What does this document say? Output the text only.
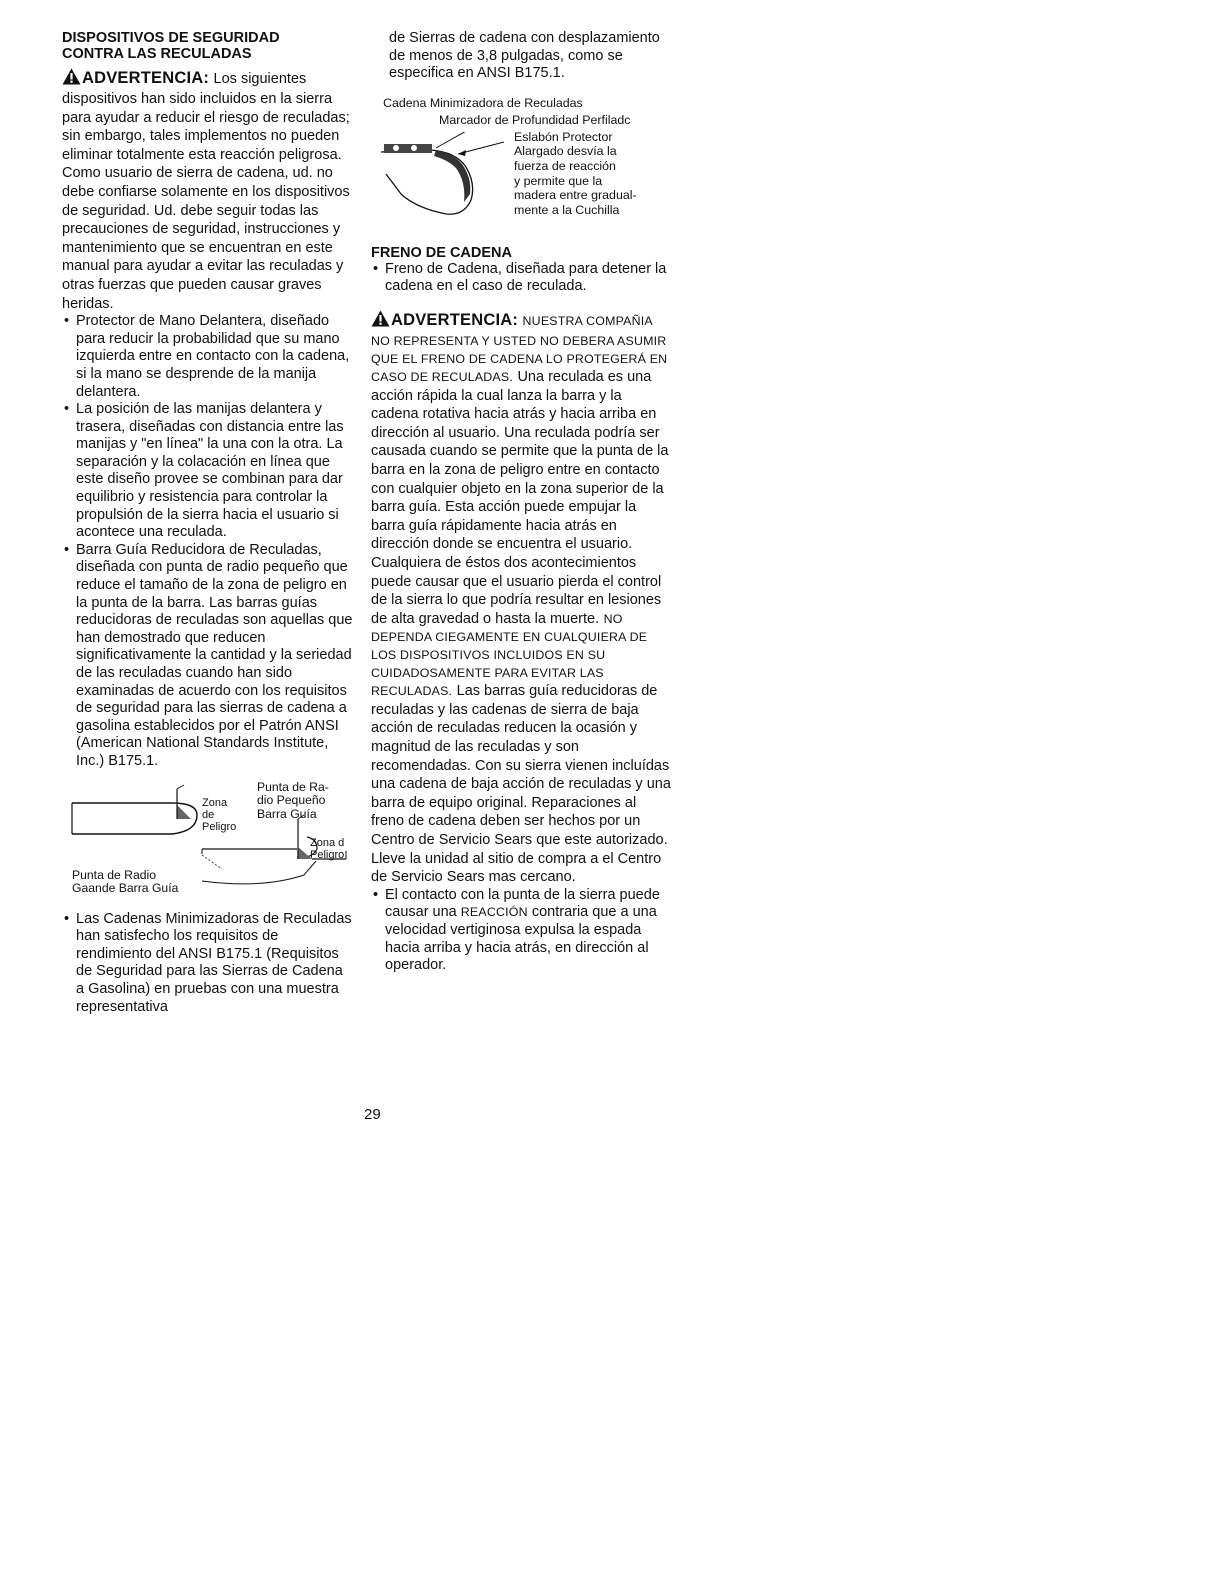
DISPOSITIVOS DE SEGURIDAD
CONTRA LAS RECULADAS

ADVERTENCIA: Los siguientes dispositivos han sido incluidos en la sierra para ayudar a reducir el riesgo de reculadas; sin embargo, tales implementos no pueden eliminar totalmente esta reacción peligrosa. Como usuario de sierra de cadena, ud. no debe confiarse solamente en los dispositivos de seguridad. Ud. debe seguir todas las precauciones de seguridad, instrucciones y mantenimiento que se encuentran en este manual para ayudar a evitar las reculadas y otras fuerzas que pueden causar graves heridas.
• Protector de Mano Delantera, diseñado para reducir la probabilidad que su mano izquierda entre en contacto con la cadena, si la mano se desprende de la manija delantera.
• La posición de las manijas delantera y trasera, diseñadas con distancia entre las manijas y "en línea" la una con la otra. La separación y la colacación en línea que este diseño provee se combinan para dar equilibrio y resistencia para controlar la propulsión de la sierra hacia el usuario si acontece una reculada.
• Barra Guía Reducidora de Reculadas, diseñada con punta de radio pequeño que reduce el tamaño de la zona de peligro en la punta de la barra. Las barras guías reducidoras de reculadas son aquellas que han demostrado que reducen significativamente la cantidad y la seriedad de las reculadas cuando han sido examinadas de acuerdo con los requisitos de seguridad para las sierras de cadena a gasolina establecidos por el Patrón ANSI (American National Standards Institute, Inc.) B175.1.
Zona de Peligro
Punta de Ra-
dio Pequeño
Barra Guía
Zona d
Peligro
Punta de Radio
Gaande Barra Guía
• Las Cadenas Minimizadoras de Reculadas han satisfecho los requisitos de rendimiento del ANSI B175.1 (Requisitos de Seguridad para las Sierras de Cadena a Gasolina) en pruebas con una muestra representativa

de Sierras de cadena con desplazamiento de menos de 3,8 pulgadas, como se especifica en ANSI B175.1.

Cadena Minimizadora de Reculadas
Marcador de Profundidad Perfiladc
Eslabón Protector
Alargado desvía la
fuerza de reacción
y permite que la
madera entre gradual-
mente a la Cuchilla

FRENO DE CADENA

• Freno de Cadena, diseñada para detener la cadena en el caso de reculada.
ADVERTENCIA: NUESTRA COMPAÑIA NO REPRESENTA Y USTED NO DEBERA ASUMIR QUE EL FRENO DE CADENA LO PROTEGERÁ EN CASO DE RECULADAS. Una reculada es una acción rápida la cual lanza la barra y la cadena rotativa hacia atrás y hacia arriba en dirección al usuario. Una reculada podría ser causada cuando se permite que la punta de la barra en la zona de peligro entre en contacto con cualquier objeto en la zona superior de la barra guía. Esta acción puede empujar la barra guía rápidamente hacia atrás en dirección donde se encuentra el usuario. Cualquiera de éstos dos acontecimientos puede causar que el usuario pierda el control de la sierra lo que podría resultar en lesiones de alta gravedad o hasta la muerte. NO DEPENDA CIEGAMENTE EN CUALQUIERA DE LOS DISPOSITIVOS INCLUIDOS EN SU CUIDADOSAMENTE PARA EVITAR LAS RECULADAS. Las barras guía reducidoras de reculadas y las cadenas de sierra de baja acción de reculadas reducen la ocasión y magnitud de las reculadas y son recomendadas. Con su sierra vienen incluídas una cadena de baja acción de reculadas y una barra de equipo original. Reparaciones al freno de cadena deben ser hechos por un Centro de Servicio Sears que este autorizado. Lleve la unidad al sitio de compra a el Centro de Servicio Sears mas cercano.
• El contacto con la punta de la sierra puede causar una REACCIÓN contraria que a una velocidad vertiginosa expulsa la espada hacia arriba y hacia atrás, en dirección al operador.
29
